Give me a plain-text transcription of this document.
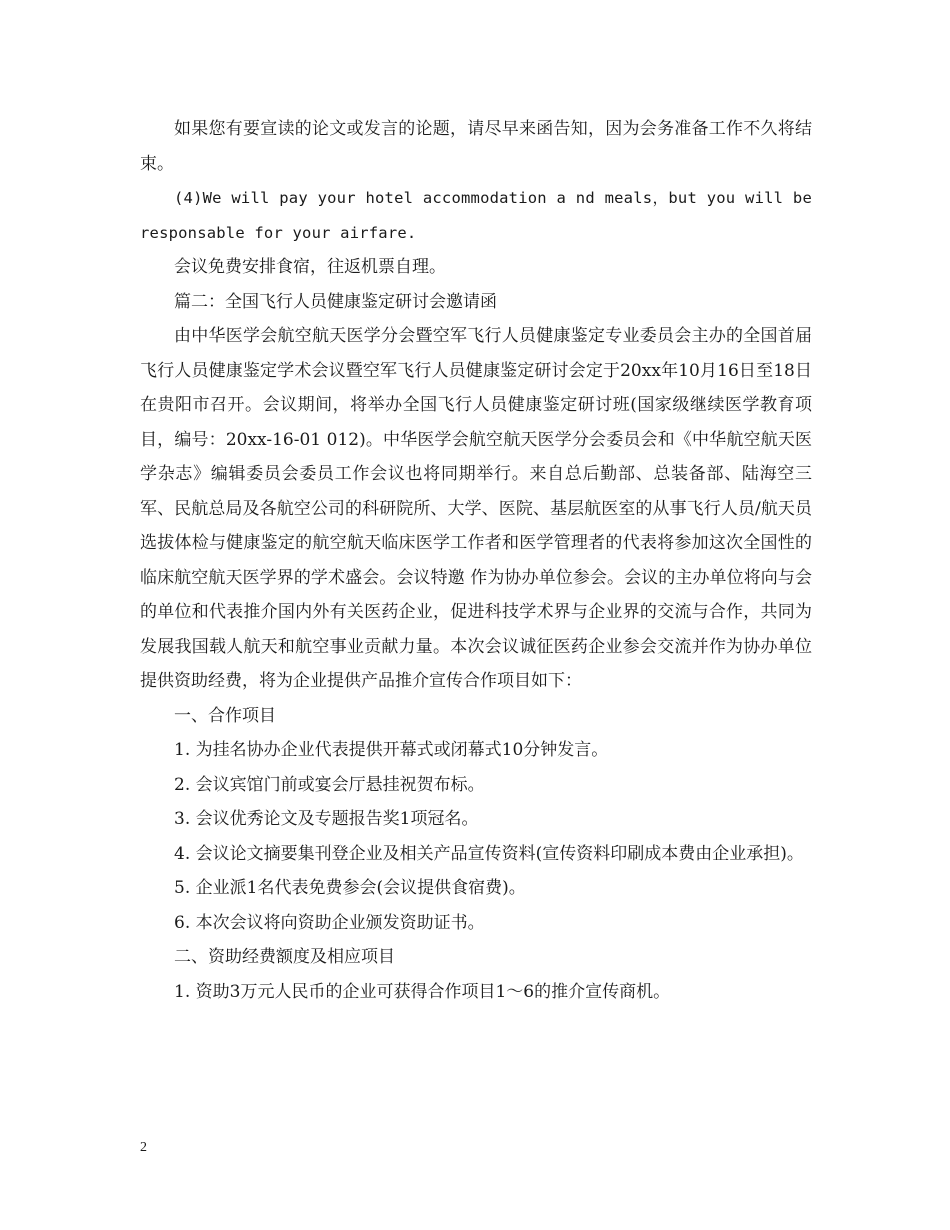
如果您有要宣读的论文或发言的论题，请尽早来函告知，因为会务准备工作不久将结束。

(4)We will pay your hotel accommodation a nd meals，but you will be responsable for your airfare.

会议免费安排食宿，往返机票自理。

篇二：全国飞行人员健康鉴定研讨会邀请函

由中华医学会航空航天医学分会暨空军飞行人员健康鉴定专业委员会主办的全国首届飞行人员健康鉴定学术会议暨空军飞行人员健康鉴定研讨会定于20xx年10月16日至18日在贵阳市召开。会议期间，将举办全国飞行人员健康鉴定研讨班(国家级继续医学教育项目，编号：20xx-16-01 012)。中华医学会航空航天医学分会委员会和《中华航空航天医学杂志》编辑委员会委员工作会议也将同期举行。来自总后勤部、总装备部、陆海空三军、民航总局及各航空公司的科研院所、大学、医院、基层航医室的从事飞行人员/航天员选拔体检与健康鉴定的航空航天临床医学工作者和医学管理者的代表将参加这次全国性的临床航空航天医学界的学术盛会。会议特邀 作为协办单位参会。会议的主办单位将向与会的单位和代表推介国内外有关医药企业，促进科技学术界与企业界的交流与合作，共同为发展我国载人航天和航空事业贡献力量。本次会议诚征医药企业参会交流并作为协办单位提供资助经费，将为企业提供产品推介宣传合作项目如下：

一、合作项目

1. 为挂名协办企业代表提供开幕式或闭幕式10分钟发言。

2. 会议宾馆门前或宴会厅悬挂祝贺布标。

3. 会议优秀论文及专题报告奖1项冠名。

4. 会议论文摘要集刊登企业及相关产品宣传资料(宣传资料印刷成本费由企业承担)。

5. 企业派1名代表免费参会(会议提供食宿费)。

6. 本次会议将向资助企业颁发资助证书。

二、资助经费额度及相应项目

1. 资助3万元人民币的企业可获得合作项目1～6的推介宣传商机。

2
